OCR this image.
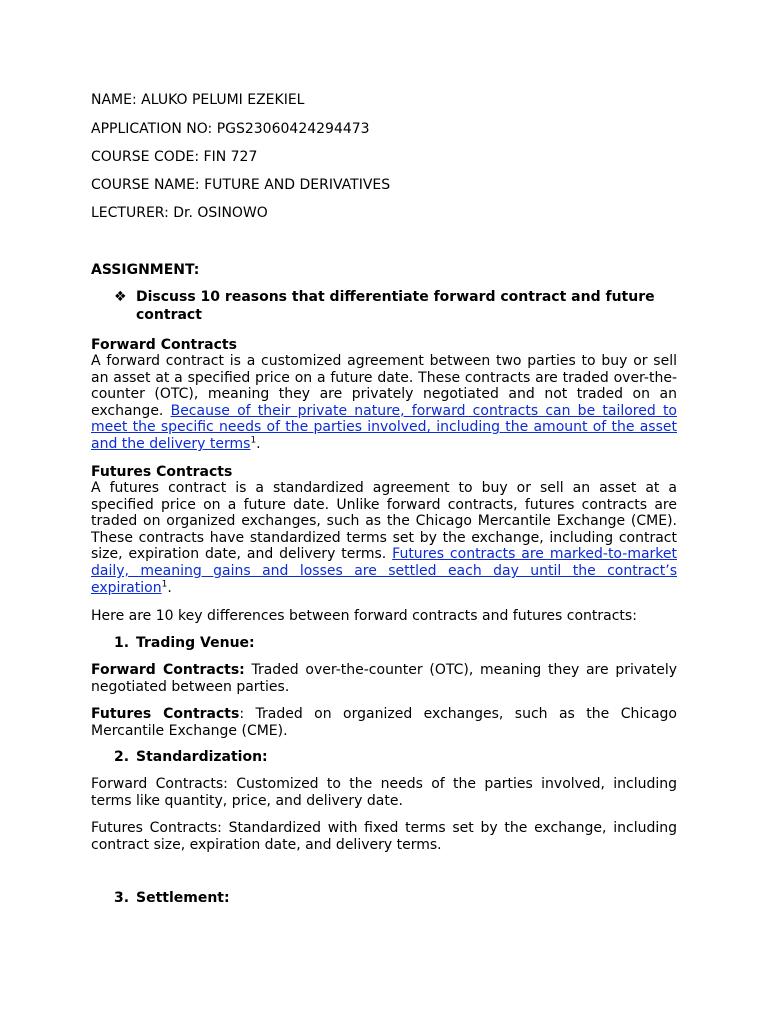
NAME: ALUKO PELUMI EZEKIEL
APPLICATION NO: PGS23060424294473
COURSE CODE: FIN 727
COURSE NAME: FUTURE AND DERIVATIVES
LECTURER: Dr. OSINOWO
ASSIGNMENT:
❖ Discuss 10 reasons that differentiate forward contract and future contract
Forward Contracts
A forward contract is a customized agreement between two parties to buy or sell an asset at a specified price on a future date. These contracts are traded over-the-counter (OTC), meaning they are privately negotiated and not traded on an exchange. Because of their private nature, forward contracts can be tailored to meet the specific needs of the parties involved, including the amount of the asset and the delivery terms$^1$.
Futures Contracts
A futures contract is a standardized agreement to buy or sell an asset at a specified price on a future date. Unlike forward contracts, futures contracts are traded on organized exchanges, such as the Chicago Mercantile Exchange (CME). These contracts have standardized terms set by the exchange, including contract size, expiration date, and delivery terms. Futures contracts are marked-to-market daily, meaning gains and losses are settled each day until the contract’s expiration$^1$.
Here are 10 key differences between forward contracts and futures contracts:
1. Trading Venue:
Forward Contracts: Traded over-the-counter (OTC), meaning they are privately negotiated between parties.
Futures Contracts: Traded on organized exchanges, such as the Chicago Mercantile Exchange (CME).
2. Standardization:
Forward Contracts: Customized to the needs of the parties involved, including terms like quantity, price, and delivery date.
Futures Contracts: Standardized with fixed terms set by the exchange, including contract size, expiration date, and delivery terms.
3. Settlement:
